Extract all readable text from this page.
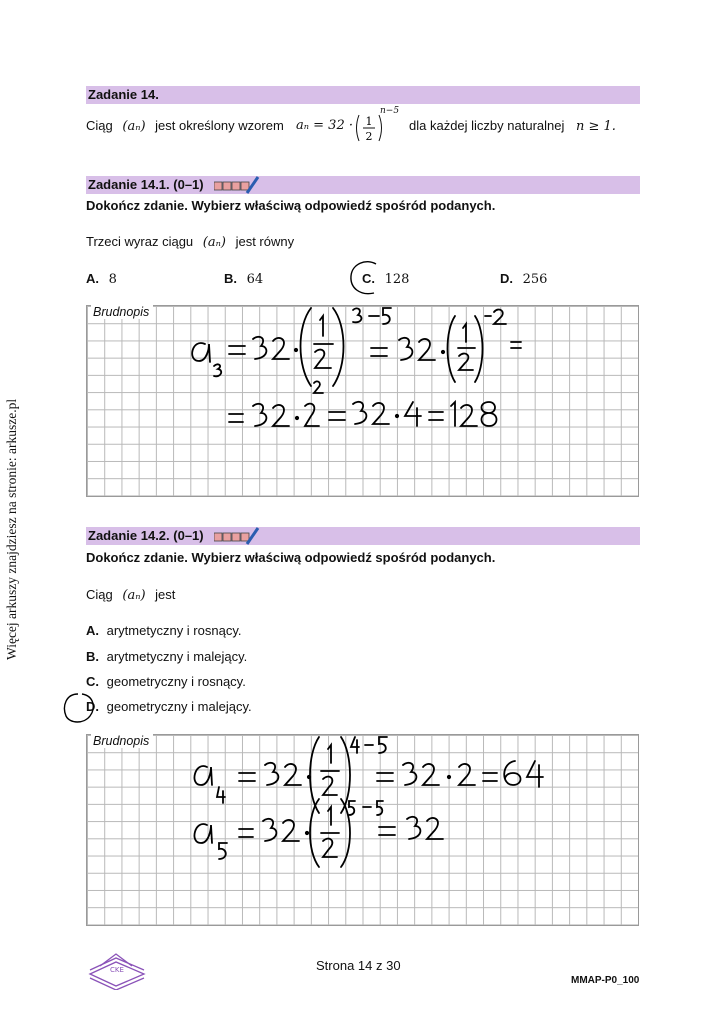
Więcej arkuszy znajdziesz na stronie: arkusze.pl
Zadanie 14.
Ciąg (aₙ) jest określony wzorem aₙ = 32 · 1
2
n−5
dla każdej liczby naturalnej n ≥ 1.
Zadanie 14.1. (0–1)
Dokończ zdanie. Wybierz właściwą odpowiedź spośród podanych.
Trzeci wyraz ciągu (aₙ) jest równy
A. 8	B. 64	C. 128	D. 256
Brudnopis
Zadanie 14.2. (0–1)
Dokończ zdanie. Wybierz właściwą odpowiedź spośród podanych.
Ciąg (aₙ) jest
A. arytmetyczny i rosnący.
B. arytmetyczny i malejący.
C. geometryczny i rosnący.
D. geometryczny i malejący.
Brudnopis
Strona 14 z 30
MMAP-P0_100
CKE
